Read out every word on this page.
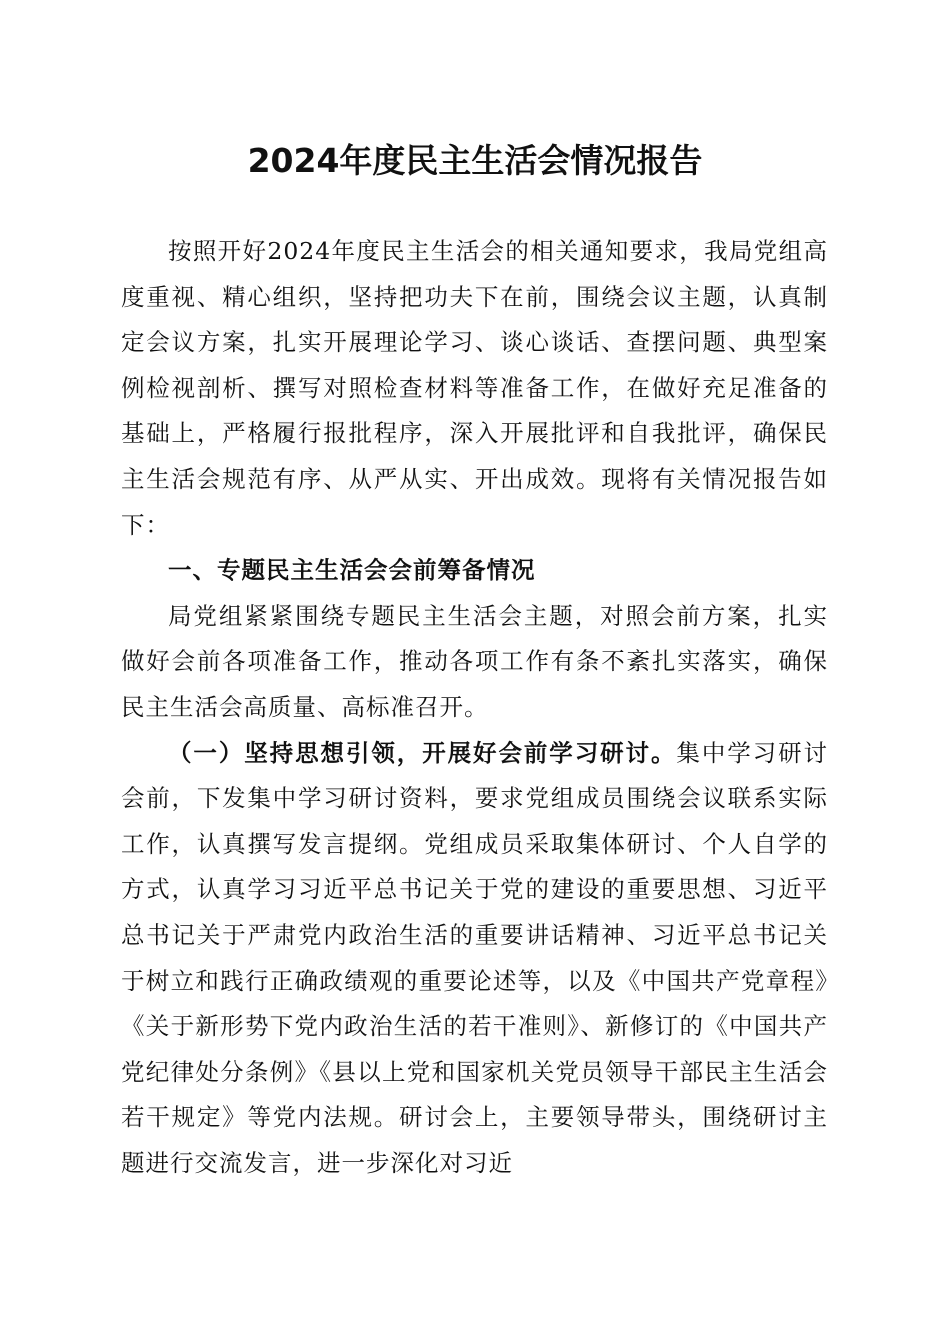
2024年度民主生活会情况报告

按照开好2024年度民主生活会的相关通知要求，我局党组高度重视、精心组织，坚持把功夫下在前，围绕会议主题，认真制定会议方案，扎实开展理论学习、谈心谈话、查摆问题、典型案例检视剖析、撰写对照检查材料等准备工作，在做好充足准备的基础上，严格履行报批程序，深入开展批评和自我批评，确保民主生活会规范有序、从严从实、开出成效。现将有关情况报告如下：

一、专题民主生活会会前筹备情况

局党组紧紧围绕专题民主生活会主题，对照会前方案，扎实做好会前各项准备工作，推动各项工作有条不紊扎实落实，确保民主生活会高质量、高标准召开。

（一）坚持思想引领，开展好会前学习研讨。集中学习研讨会前，下发集中学习研讨资料，要求党组成员围绕会议联系实际工作，认真撰写发言提纲。党组成员采取集体研讨、个人自学的方式，认真学习习近平总书记关于党的建设的重要思想、习近平总书记关于严肃党内政治生活的重要讲话精神、习近平总书记关于树立和践行正确政绩观的重要论述等，以及《中国共产党章程》《关于新形势下党内政治生活的若干准则》、新修订的《中国共产党纪律处分条例》《县以上党和国家机关党员领导干部民主生活会若干规定》等党内法规。研讨会上，主要领导带头，围绕研讨主题进行交流发言，进一步深化对习近
